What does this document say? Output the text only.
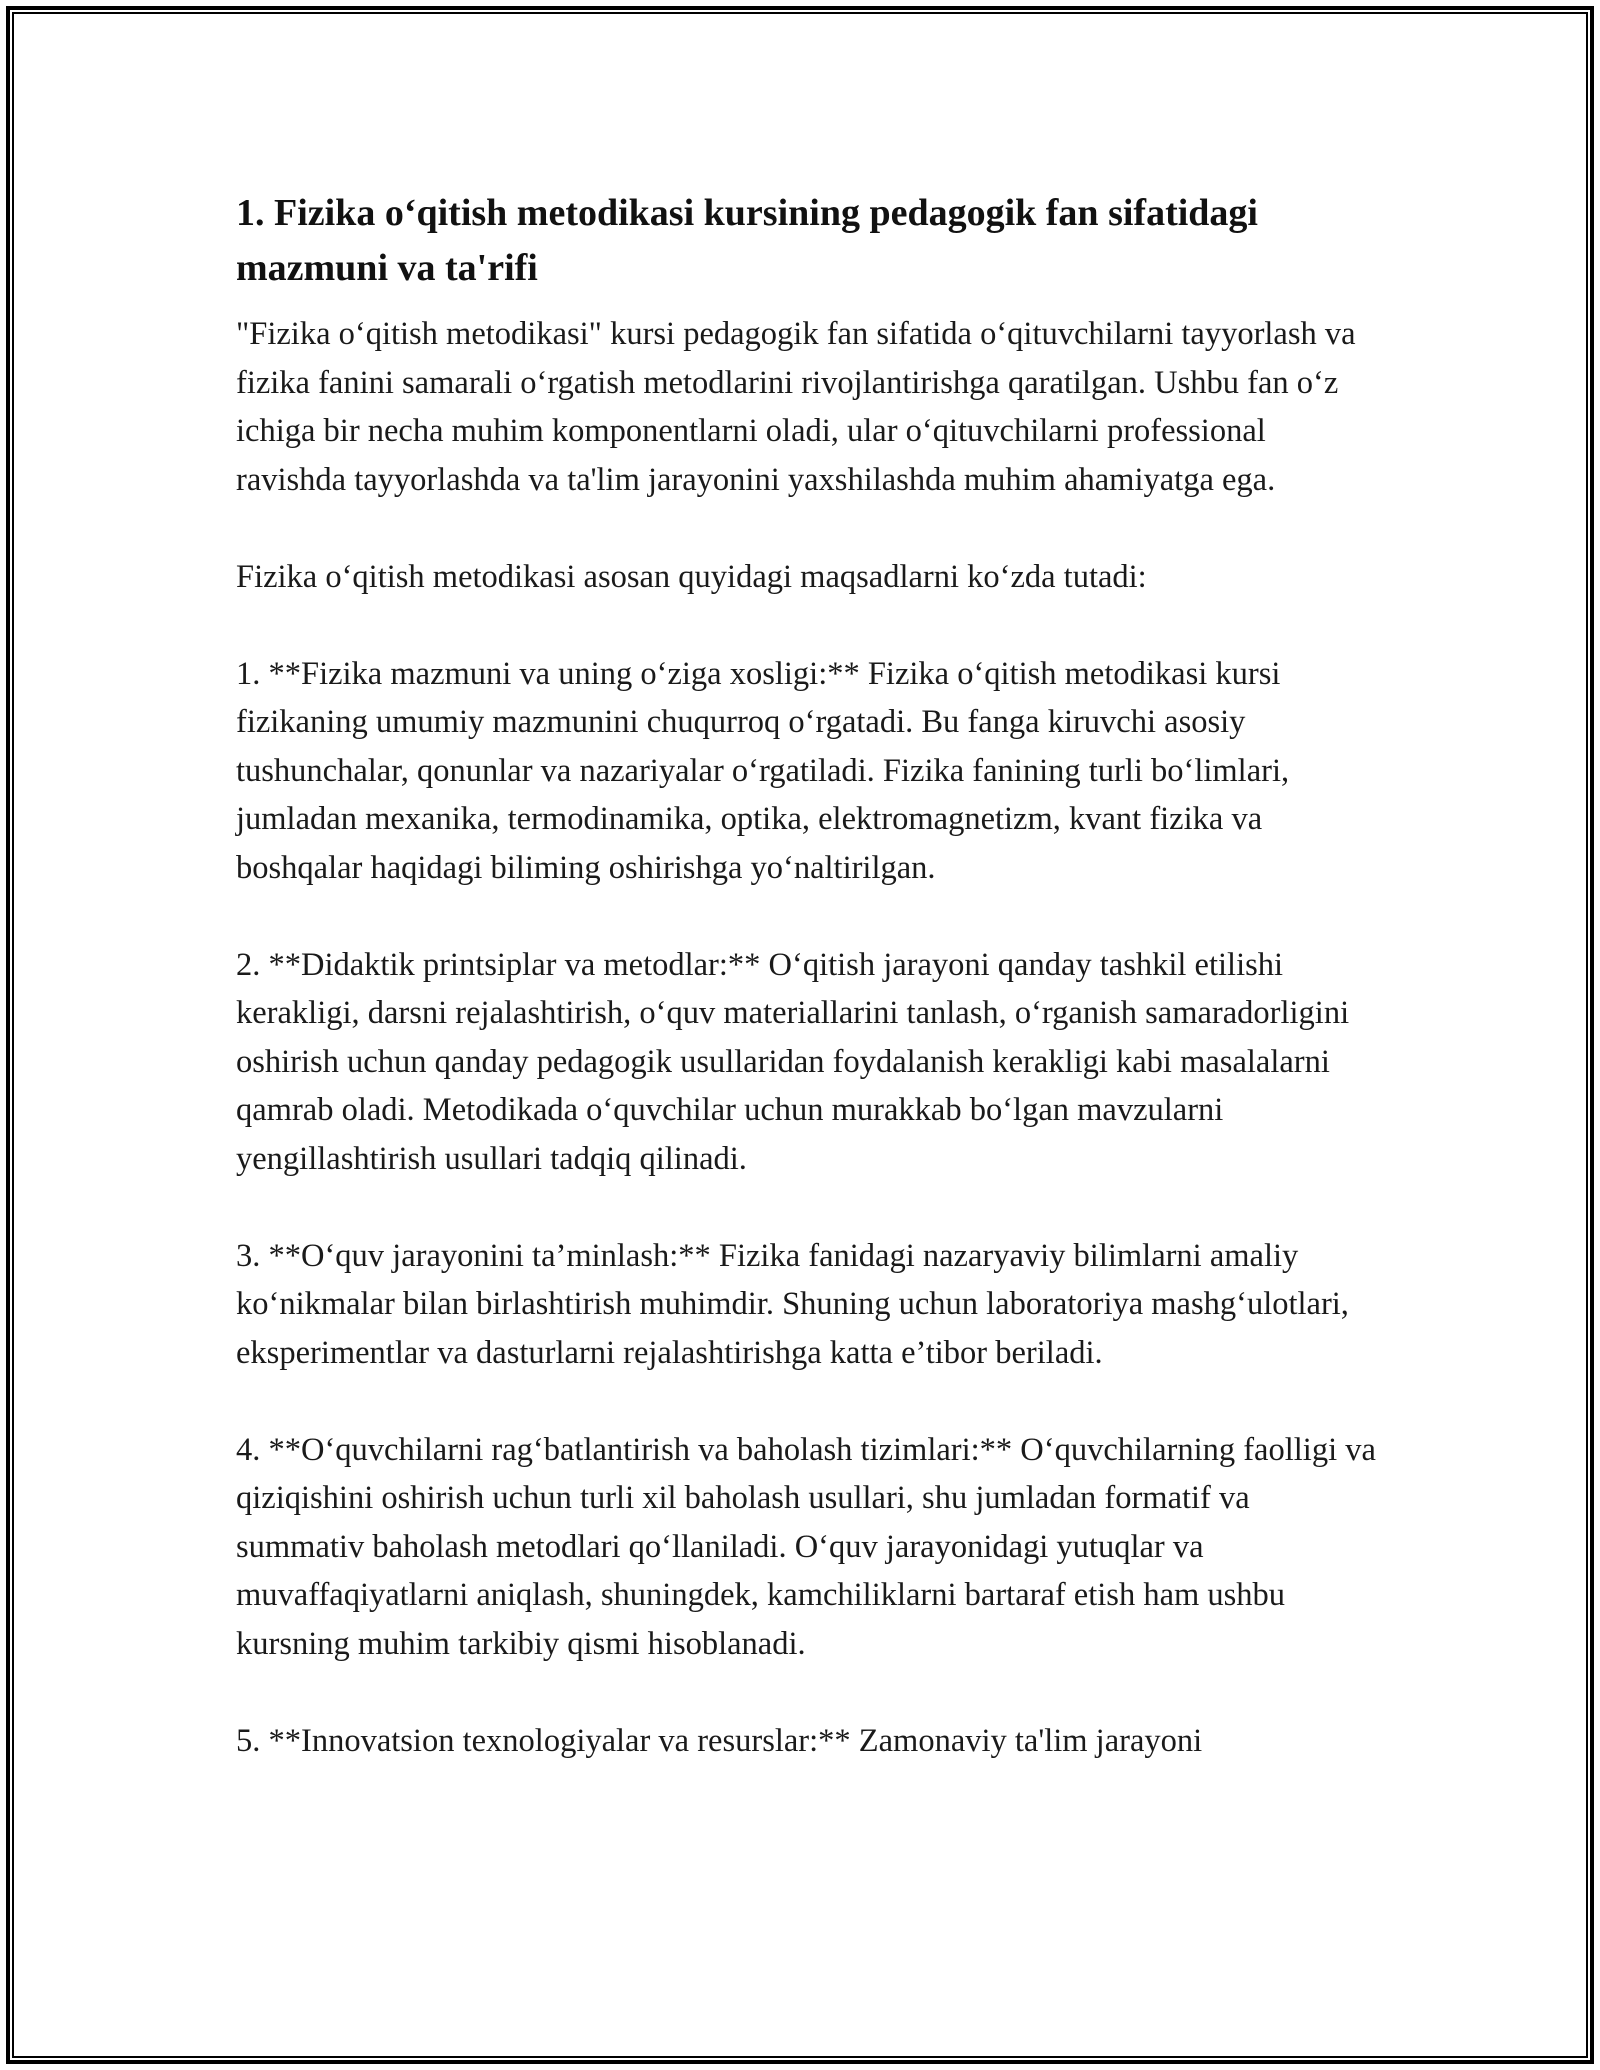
1. Fizika oʻqitish metodikasi kursining pedagogik fan sifatidagi mazmuni va ta'rifi

"Fizika oʻqitish metodikasi" kursi pedagogik fan sifatida oʻqituvchilarni tayyorlash va fizika fanini samarali oʻrgatish metodlarini rivojlantirishga qaratilgan. Ushbu fan oʻz ichiga bir necha muhim komponentlarni oladi, ular oʻqituvchilarni professional ravishda tayyorlashda va ta'lim jarayonini yaxshilashda muhim ahamiyatga ega.

Fizika oʻqitish metodikasi asosan quyidagi maqsadlarni koʻzda tutadi:

1. **Fizika mazmuni va uning oʻziga xosligi:** Fizika oʻqitish metodikasi kursi fizikaning umumiy mazmunini chuqurroq oʻrgatadi. Bu fanga kiruvchi asosiy tushunchalar, qonunlar va nazariyalar oʻrgatiladi. Fizika fanining turli boʻlimlari, jumladan mexanika, termodinamika, optika, elektromagnetizm, kvant fizika va boshqalar haqidagi biliming oshirishga yoʻnaltirilgan.

2. **Didaktik printsiplar va metodlar:** Oʻqitish jarayoni qanday tashkil etilishi kerakligi, darsni rejalashtirish, oʻquv materiallarini tanlash, oʻrganish samaradorligini oshirish uchun qanday pedagogik usullaridan foydalanish kerakligi kabi masalalarni qamrab oladi. Metodikada oʻquvchilar uchun murakkab boʻlgan mavzularni yengillashtirish usullari tadqiq qilinadi.

3. **Oʻquv jarayonini ta’minlash:** Fizika fanidagi nazaryaviy bilimlarni amaliy koʻnikmalar bilan birlashtirish muhimdir. Shuning uchun laboratoriya mashgʻulotlari, eksperimentlar va dasturlarni rejalashtirishga katta e’tibor beriladi.

4. **Oʻquvchilarni ragʻbatlantirish va baholash tizimlari:** Oʻquvchilarning faolligi va qiziqishini oshirish uchun turli xil baholash usullari, shu jumladan formatif va summativ baholash metodlari qoʻllaniladi. Oʻquv jarayonidagi yutuqlar va muvaffaqiyatlarni aniqlash, shuningdek, kamchiliklarni bartaraf etish ham ushbu kursning muhim tarkibiy qismi hisoblanadi.

5. **Innovatsion texnologiyalar va resurslar:** Zamonaviy ta'lim jarayoni
